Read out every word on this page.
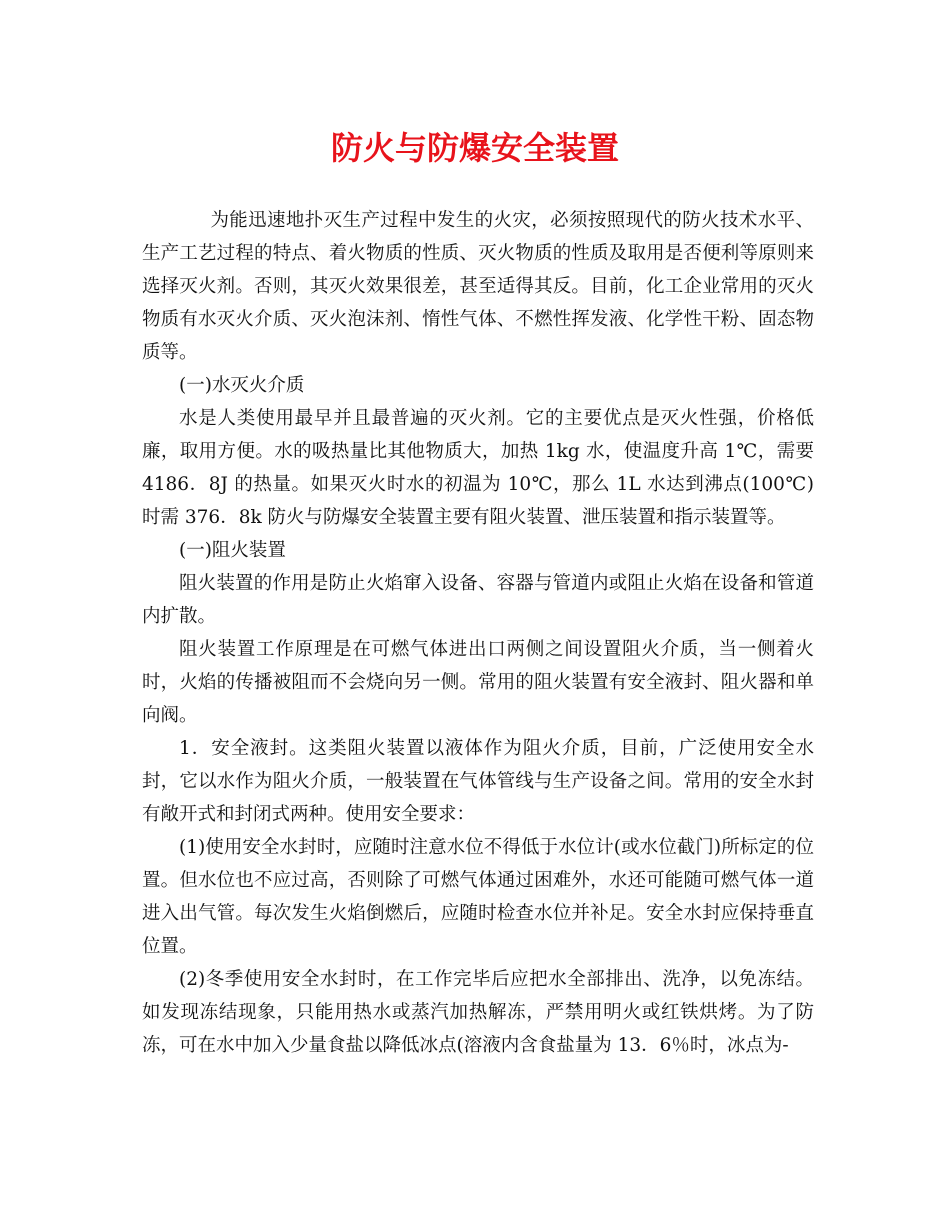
防火与防爆安全装置

为能迅速地扑灭生产过程中发生的火灾，必须按照现代的防火技术水平、生产工艺过程的特点、着火物质的性质、灭火物质的性质及取用是否便利等原则来选择灭火剂。否则，其灭火效果很差，甚至适得其反。目前，化工企业常用的灭火物质有水灭火介质、灭火泡沫剂、惰性气体、不燃性挥发液、化学性干粉、固态物质等。

(一)水灭火介质

水是人类使用最早并且最普遍的灭火剂。它的主要优点是灭火性强，价格低廉，取用方便。水的吸热量比其他物质大，加热 1kg 水，使温度升高 1℃，需要 4186．8J 的热量。如果灭火时水的初温为 10℃，那么 1L 水达到沸点(100℃)时需 376．8k 防火与防爆安全装置主要有阻火装置、泄压装置和指示装置等。

(一)阻火装置

阻火装置的作用是防止火焰窜入设备、容器与管道内或阻止火焰在设备和管道内扩散。

阻火装置工作原理是在可燃气体进出口两侧之间设置阻火介质，当一侧着火时，火焰的传播被阻而不会烧向另一侧。常用的阻火装置有安全液封、阻火器和单向阀。

1．安全液封。这类阻火装置以液体作为阻火介质，目前，广泛使用安全水封，它以水作为阻火介质，一般装置在气体管线与生产设备之间。常用的安全水封有敞开式和封闭式两种。使用安全要求：

(1)使用安全水封时，应随时注意水位不得低于水位计(或水位截门)所标定的位置。但水位也不应过高，否则除了可燃气体通过困难外，水还可能随可燃气体一道进入出气管。每次发生火焰倒燃后，应随时检查水位并补足。安全水封应保持垂直位置。

(2)冬季使用安全水封时，在工作完毕后应把水全部排出、洗净，以免冻结。如发现冻结现象，只能用热水或蒸汽加热解冻，严禁用明火或红铁烘烤。为了防冻，可在水中加入少量食盐以降低冰点(溶液内含食盐量为 13．6％时，冰点为-
